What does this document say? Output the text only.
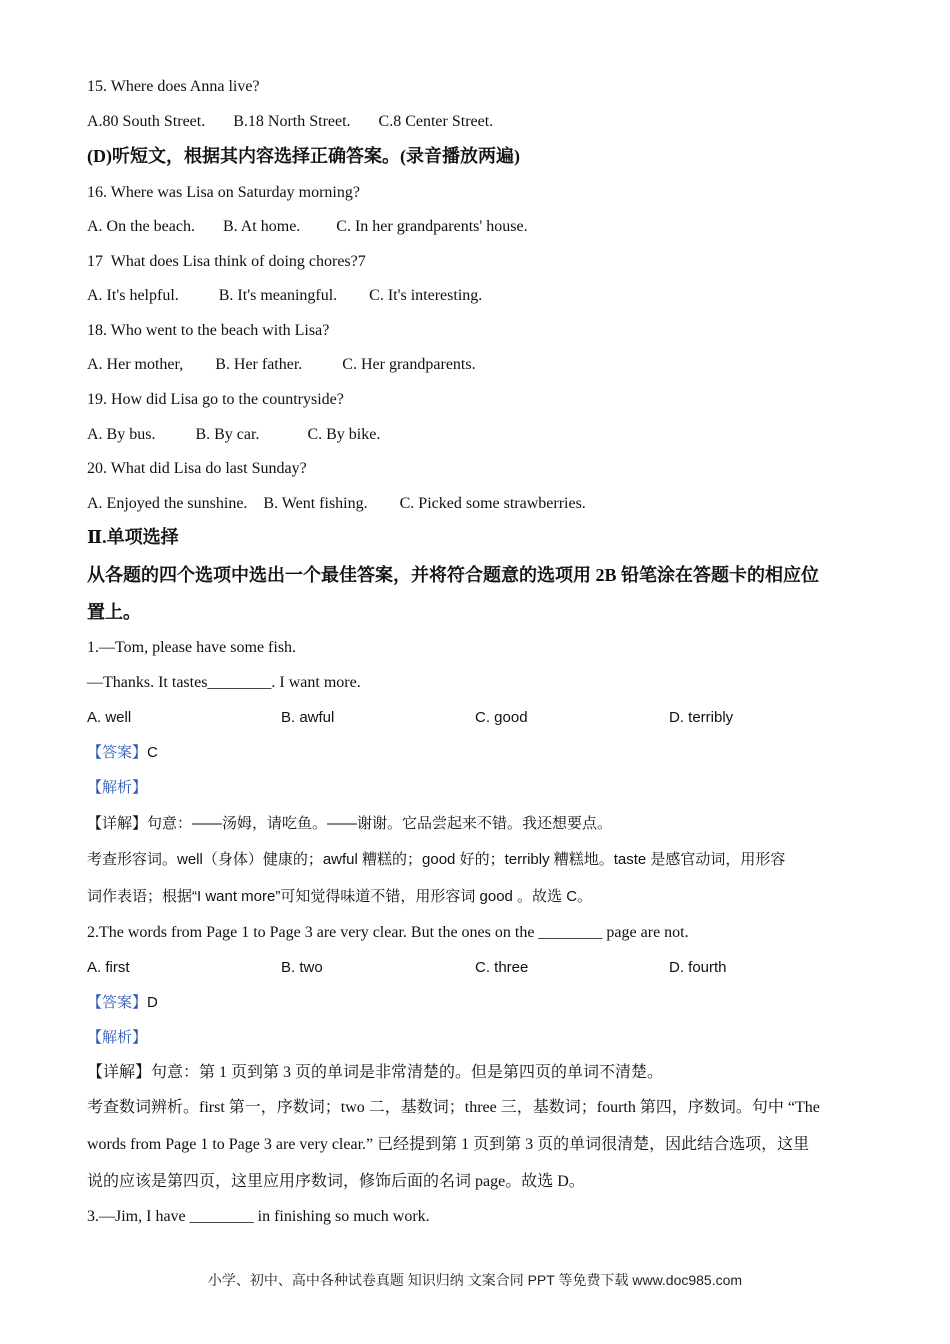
15. Where does Anna live?
A.80 South Street.       B.18 North Street.       C.8 Center Street.
(D)听短文，根据其内容选择正确答案。(录音播放两遍)
16. Where was Lisa on Saturday morning?
A. On the beach.       B. At home.         C. In her grandparents' house.
17  What does Lisa think of doing chores?7
A. It's helpful.          B. It's meaningful.        C. It's interesting.
18. Who went to the beach with Lisa?
A. Her mother,        B. Her father.          C. Her grandparents.
19. How did Lisa go to the countryside?
A. By bus.          B. By car.            C. By bike.
20. What did Lisa do last Sunday?
A. Enjoyed the sunshine.    B. Went fishing.        C. Picked some strawberries.
Ⅱ.单项选择
从各题的四个选项中选出一个最佳答案，并将符合题意的选项用 2B 铅笔涂在答题卡的相应位
置上。
1.—Tom, please have some fish.
—Thanks. It tastes________. I want more.
A. well	B. awful	C. good	D. terribly
【答案】C
【解析】
【详解】句意：——汤姆，请吃鱼。——谢谢。它品尝起来不错。我还想要点。
考查形容词。well（身体）健康的；awful 糟糕的；good 好的；terribly 糟糕地。taste 是感官动词，用形容
词作表语；根据“I want more”可知觉得味道不错，用形容词 good 。故选 C。
2.The words from Page 1 to Page 3 are very clear. But the ones on the ________ page are not.
A. first	B. two	C. three	D. fourth
【答案】D
【解析】
【详解】句意：第 1 页到第 3 页的单词是非常清楚的。但是第四页的单词不清楚。
考查数词辨析。first 第一，序数词；two 二，基数词；three 三，基数词；fourth 第四，序数词。句中 “The
words from Page 1 to Page 3 are very clear.” 已经提到第 1 页到第 3 页的单词很清楚，因此结合选项，这里
说的应该是第四页，这里应用序数词，修饰后面的名词 page。故选 D。
3.—Jim, I have ________ in finishing so much work.
小学、初中、高中各种试卷真题 知识归纳 文案合同 PPT 等免费下载 www.doc985.com
